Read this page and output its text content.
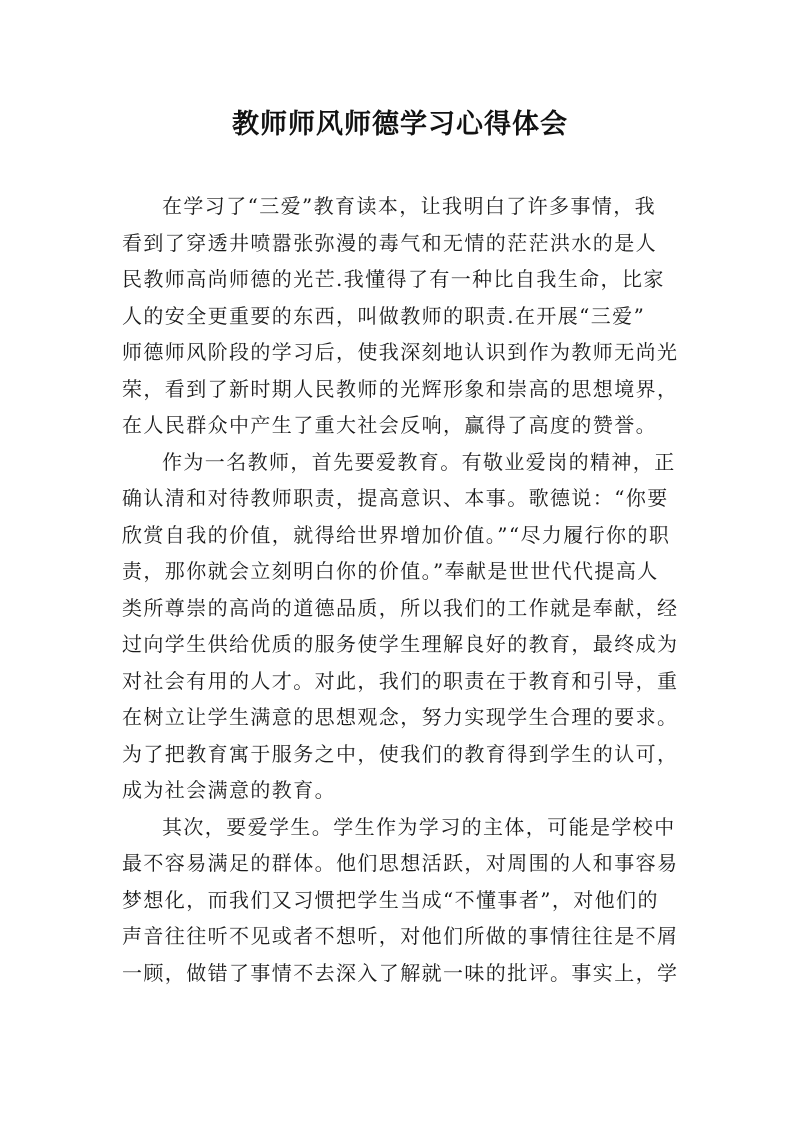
教师师风师德学习心得体会

在学习了“三爱”教育读本，让我明白了许多事情，我
看到了穿透井喷嚣张弥漫的毒气和无情的茫茫洪水的是人
民教师高尚师德的光芒.我懂得了有一种比自我生命，比家
人的安全更重要的东西，叫做教师的职责.在开展“三爱”
师德师风阶段的学习后，使我深刻地认识到作为教师无尚光
荣，看到了新时期人民教师的光辉形象和崇高的思想境界，
在人民群众中产生了重大社会反响，赢得了高度的赞誉。

作为一名教师，首先要爱教育。有敬业爱岗的精神，正
确认清和对待教师职责，提高意识、本事。歌德说：“你要
欣赏自我的价值，就得给世界增加价值。”“尽力履行你的职
责，那你就会立刻明白你的价值。”奉献是世世代代提高人
类所尊崇的高尚的道德品质，所以我们的工作就是奉献，经
过向学生供给优质的服务使学生理解良好的教育，最终成为
对社会有用的人才。对此，我们的职责在于教育和引导，重
在树立让学生满意的思想观念，努力实现学生合理的要求。
为了把教育寓于服务之中，使我们的教育得到学生的认可，
成为社会满意的教育。

其次，要爱学生。学生作为学习的主体，可能是学校中
最不容易满足的群体。他们思想活跃，对周围的人和事容易
梦想化，而我们又习惯把学生当成“不懂事者”，对他们的
声音往往听不见或者不想听，对他们所做的事情往往是不屑
一顾，做错了事情不去深入了解就一味的批评。事实上，学
